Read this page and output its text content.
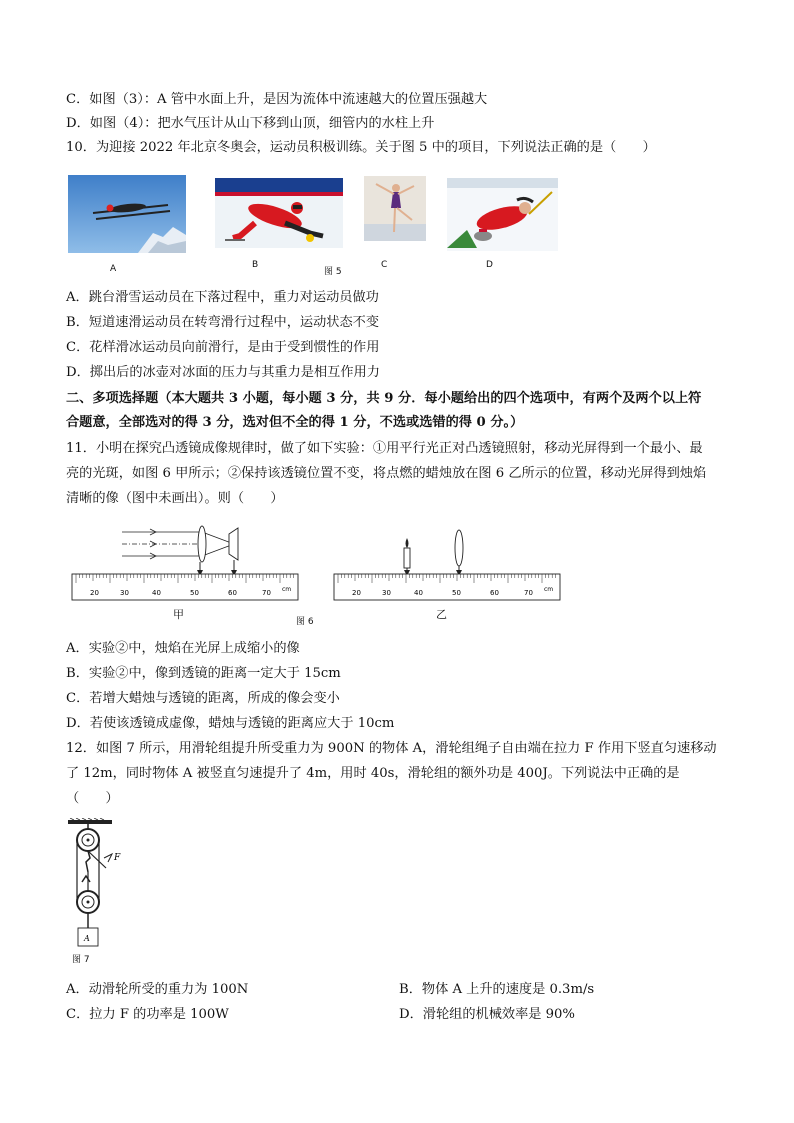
C．如图（3）：A 管中水面上升，是因为流体中流速越大的位置压强越大
D．如图（4）：把水气压计从山下移到山顶，细管内的水柱上升
10．为迎接 2022 年北京冬奥会，运动员积极训练。关于图 5 中的项目，下列说法正确的是（　　）
A	B
图 5
C	D
A．跳台滑雪运动员在下落过程中，重力对运动员做功
B．短道速滑运动员在转弯滑行过程中，运动状态不变
C．花样滑冰运动员向前滑行，是由于受到惯性的作用
D．掷出后的冰壶对冰面的压力与其重力是相互作用力
二、多项选择题（本大题共 3 小题，每小题 3 分，共 9 分．每小题给出的四个选项中，有两个及两个以上符
合题意，全部选对的得 3 分，选对但不全的得 1 分，不选或选错的得 0 分。）
11．小明在探究凸透镜成像规律时，做了如下实验：①用平行光正对凸透镜照射，移动光屏得到一个最小、最
亮的光斑，如图 6 甲所示；②保持该透镜位置不变，将点燃的蜡烛放在图 6 乙所示的位置，移动光屏得到烛焰
清晰的像（图中未画出）。则（　　）
20	30	40	50	60	70 cm
甲
图 6
20	30	40	50	60	70 cm
乙
A．实验②中，烛焰在光屏上成缩小的像
B．实验②中，像到透镜的距离一定大于 15cm
C．若增大蜡烛与透镜的距离，所成的像会变小
D．若使该透镜成虚像，蜡烛与透镜的距离应大于 10cm
12．如图 7 所示，用滑轮组提升所受重力为 900N 的物体 A，滑轮组绳子自由端在拉力 F 作用下竖直匀速移动
了 12m，同时物体 A 被竖直匀速提升了 4m，用时 40s，滑轮组的额外功是 400J。下列说法中正确的是
（　　）
F
A
图 7
A．动滑轮所受的重力为 100N	B．物体 A 上升的速度是 0.3m/s
C．拉力 F 的功率是 100W	D．滑轮组的机械效率是 90%
